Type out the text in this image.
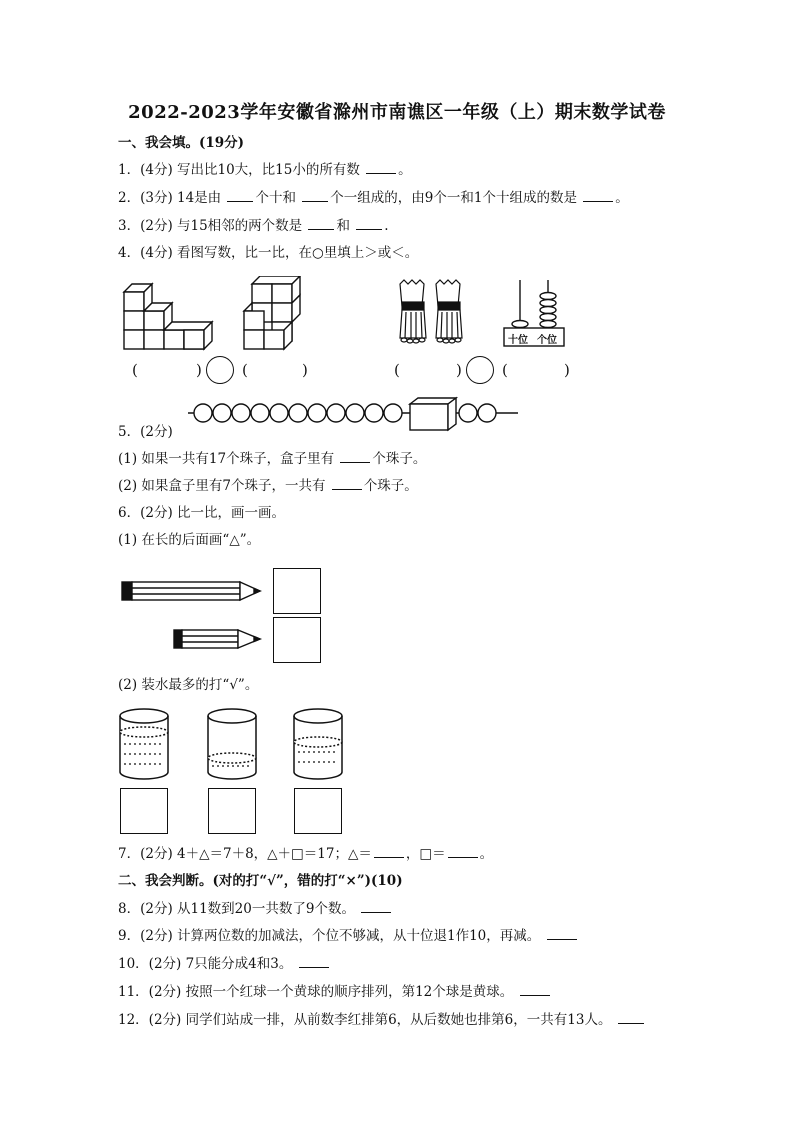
2022-2023学年安徽省滁州市南谯区一年级（上）期末数学试卷
一、我会填。(19分)
1．(4分) 写出比10大，比15小的所有数	。
2．(3分) 14是由	个十和	个一组成的，由9个一和1个十组成的数是	。
3．(2分) 与15相邻的两个数是	和	.
4．(4分) 看图写数，比一比，在○里填上＞或＜。
十位 个位
(	)	(	)	(	)	(	)
5．(2分)
(1) 如果一共有17个珠子，盒子里有	个珠子。
(2) 如果盒子里有7个珠子，一共有	个珠子。
6．(2分) 比一比，画一画。
(1) 在长的后面画“△”。
(2) 装水最多的打“√”。
7．(2分) 4＋△＝7＋8，△＋□＝17；△＝	，□＝	。
二、我会判断。(对的打“√”，错的打“×”)(10)
8．(2分) 从11数到20一共数了9个数。
9．(2分) 计算两位数的加减法，个位不够减，从十位退1作10，再减。
10．(2分) 7只能分成4和3。
11．(2分) 按照一个红球一个黄球的顺序排列，第12个球是黄球。
12．(2分) 同学们站成一排，从前数李红排第6，从后数她也排第6，一共有13人。
